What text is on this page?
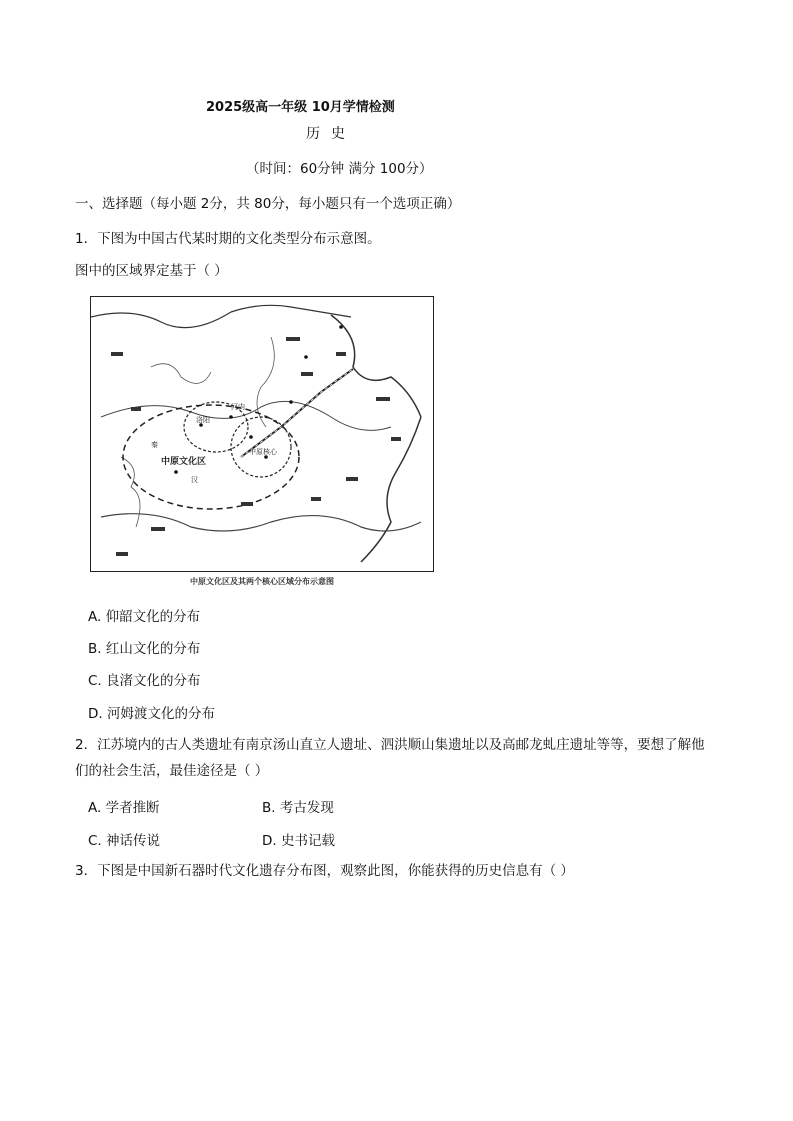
2025级高一年级 10月学情检测
历 史
（时间：60分钟 满分 100分）
一、选择题（每小题 2分，共 80分，每小题只有一个选项正确）
1．下图为中国古代某时期的文化类型分布示意图。
图中的区域界定基于（ ）
中原文化区
中原核心
河内
洛阳
秦
汉
中原文化区及其两个核心区域分布示意图
A. 仰韶文化的分布
B. 红山文化的分布
C. 良渚文化的分布
D. 河姆渡文化的分布
2．江苏境内的古人类遗址有南京汤山直立人遗址、泗洪顺山集遗址以及高邮龙虬庄遗址等等，要想了解他
们的社会生活，最佳途径是（ ）
A. 学者推断	B. 考古发现
C. 神话传说	D. 史书记载
3．下图是中国新石器时代文化遗存分布图，观察此图，你能获得的历史信息有（ ）
